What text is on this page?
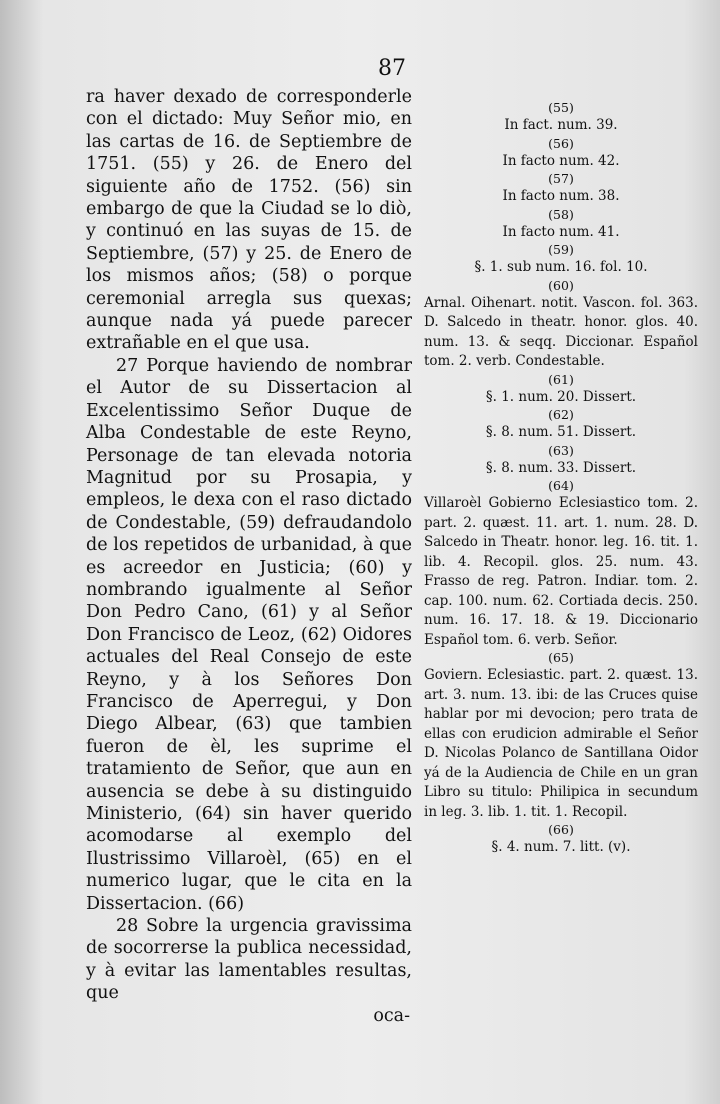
87

ra haver dexado de corresponderle con el dictado: Muy Señor mio, en las cartas de 16. de Septiembre de 1751. (55) y 26. de Enero del siguiente año de 1752. (56) sin embargo de que la Ciudad se lo diò, y continuó en las suyas de 15. de Septiembre, (57) y 25. de Enero de los mismos años; (58) o porque ceremonial arregla sus quexas; aunque nada yá puede parecer extrañable en el que usa.

27 Porque haviendo de nombrar el Autor de su Dissertacion al Excelentissimo Señor Duque de Alba Condestable de este Reyno, Personage de tan elevada notoria Magnitud por su Prosapia, y empleos, le dexa con el raso dictado de Condestable, (59) defraudandolo de los repetidos de urbanidad, à que es acreedor en Justicia; (60) y nombrando igualmente al Señor Don Pedro Cano, (61) y al Señor Don Francisco de Leoz, (62) Oidores actuales del Real Consejo de este Reyno, y à los Señores Don Francisco de Aperregui, y Don Diego Albear, (63) que tambien fueron de èl, les suprime el tratamiento de Señor, que aun en ausencia se debe à su distinguido Ministerio, (64) sin haver querido acomodarse al exemplo del Ilustrissimo Villaroèl, (65) en el numerico lugar, que le cita en la Dissertacion. (66)

28 Sobre la urgencia gravissima de socorrerse la publica necessidad, y à evitar las lamentables resultas, que

oca-

(55)
In fact. num. 39.
(56)
In facto num. 42.
(57)
In facto num. 38.
(58)
In facto num. 41.
(59)
§. 1. sub num. 16. fol. 10.
(60)
Arnal. Oihenart. notit. Vascon. fol. 363. D. Salcedo in theatr. honor. glos. 40. num. 13. & seqq. Diccionar. Español tom. 2. verb. Condestable.
(61)
§. 1. num. 20. Dissert.
(62)
§. 8. num. 51. Dissert.
(63)
§. 8. num. 33. Dissert.
(64)
Villaroèl Gobierno Eclesiastico tom. 2. part. 2. quæst. 11. art. 1. num. 28. D. Salcedo in Theatr. honor. leg. 16. tit. 1. lib. 4. Recopil. glos. 25. num. 43. Frasso de reg. Patron. Indiar. tom. 2. cap. 100. num. 62. Cortiada decis. 250. num. 16. 17. 18. & 19. Diccionario Español tom. 6. verb. Señor.
(65)
Goviern. Eclesiastic. part. 2. quæst. 13. art. 3. num. 13. ibi: de las Cruces quise hablar por mi devocion; pero trata de ellas con erudicion admirable el Señor D. Nicolas Polanco de Santillana Oidor yá de la Audiencia de Chile en un gran Libro su titulo: Philipica in secundum in leg. 3. lib. 1. tit. 1. Recopil.
(66)
§. 4. num. 7. litt. (v).
